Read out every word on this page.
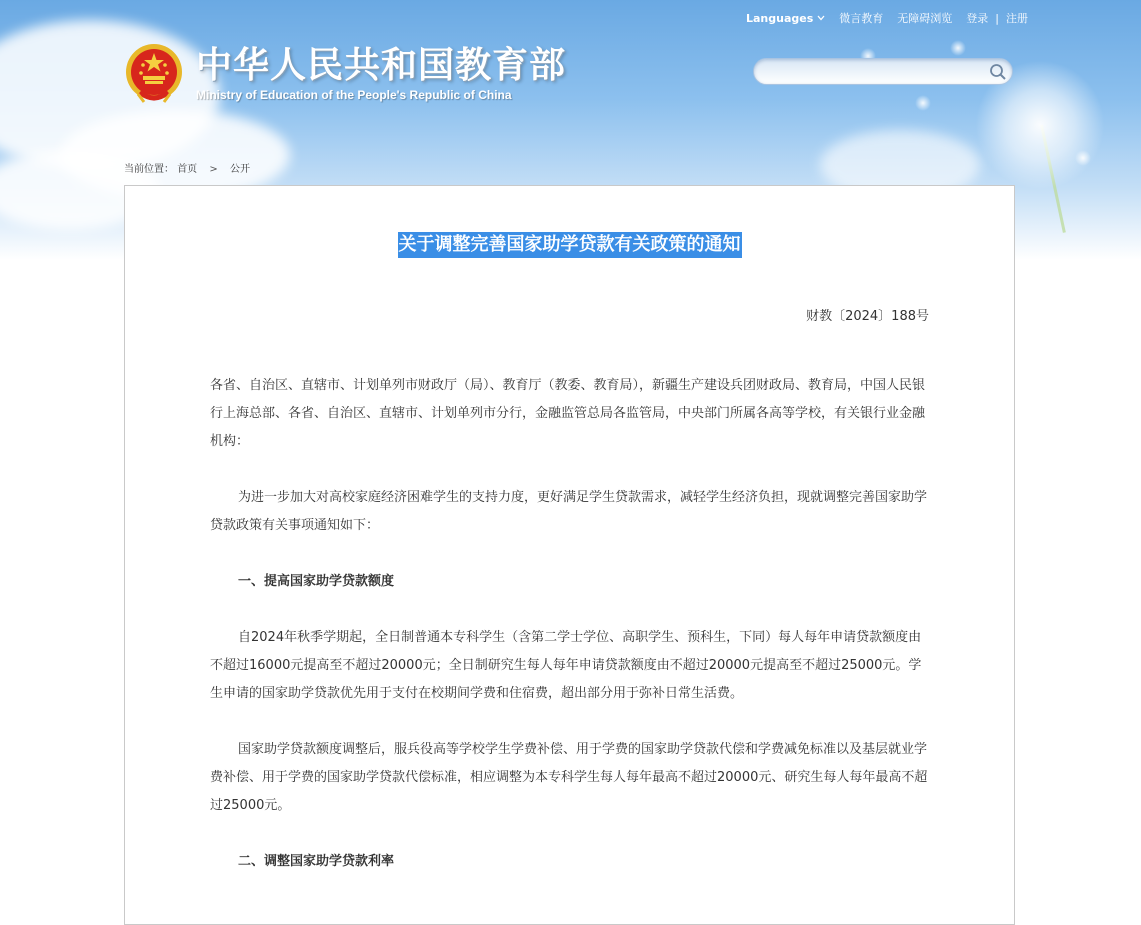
Languages 微言教育 无障碍浏览 登录 | 注册
中华人民共和国教育部
Ministry of Education of the People's Republic of China
当前位置： 首页 > 公开
关于调整完善国家助学贷款有关政策的通知
财教〔2024〕188号

各省、自治区、直辖市、计划单列市财政厅（局）、教育厅（教委、教育局），新疆生产建设兵团财政局、教育局，中国人民银行上海总部、各省、自治区、直辖市、计划单列市分行，金融监管总局各监管局，中央部门所属各高等学校，有关银行业金融机构：

为进一步加大对高校家庭经济困难学生的支持力度，更好满足学生贷款需求，减轻学生经济负担，现就调整完善国家助学贷款政策有关事项通知如下：

一、提高国家助学贷款额度

自2024年秋季学期起，全日制普通本专科学生（含第二学士学位、高职学生、预科生，下同）每人每年申请贷款额度由不超过16000元提高至不超过20000元；全日制研究生每人每年申请贷款额度由不超过20000元提高至不超过25000元。学生申请的国家助学贷款优先用于支付在校期间学费和住宿费，超出部分用于弥补日常生活费。

国家助学贷款额度调整后，服兵役高等学校学生学费补偿、用于学费的国家助学贷款代偿和学费减免标准以及基层就业学费补偿、用于学费的国家助学贷款代偿标准，相应调整为本专科学生每人每年最高不超过20000元、研究生每人每年最高不超过25000元。

二、调整国家助学贷款利率
